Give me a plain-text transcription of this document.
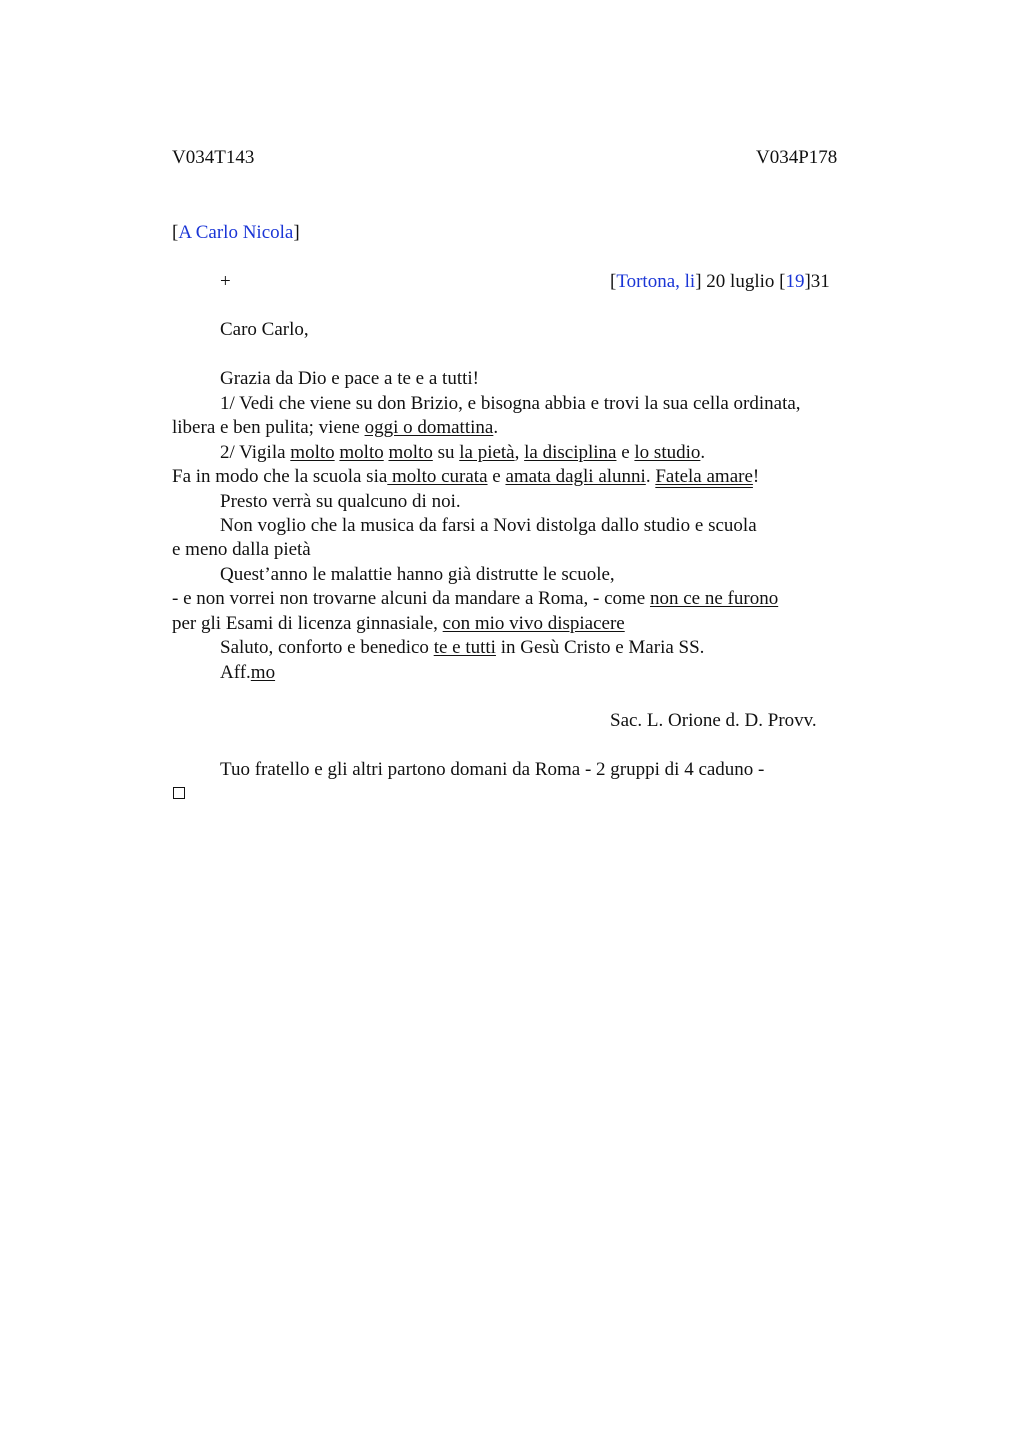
V034T143	V034P178
[A Carlo Nicola]
+	[Tortona, li] 20 luglio [19]31
Caro Carlo,
Grazia da Dio e pace a te e a tutti!
1/ Vedi che viene su don Brizio, e bisogna abbia e trovi la sua cella ordinata,
libera e ben pulita; viene oggi o domattina.
2/ Vigila molto molto molto su la pietà, la disciplina e lo studio.
Fa in modo che la scuola sia molto curata e amata dagli alunni. Fatela amare!
Presto verrà su qualcuno di noi.
Non voglio che la musica da farsi a Novi distolga dallo studio e scuola
e meno dalla pietà
Quest’anno le malattie hanno già distrutte le scuole,
- e non vorrei non trovarne alcuni da mandare a Roma, - come non ce ne furono
per gli Esami di licenza ginnasiale, con mio vivo dispiacere
Saluto, conforto e benedico te e tutti in Gesù Cristo e Maria SS.
Aff.mo
Sac. L. Orione d. D. Provv.
Tuo fratello e gli altri partono domani da Roma - 2 gruppi di 4 caduno -
